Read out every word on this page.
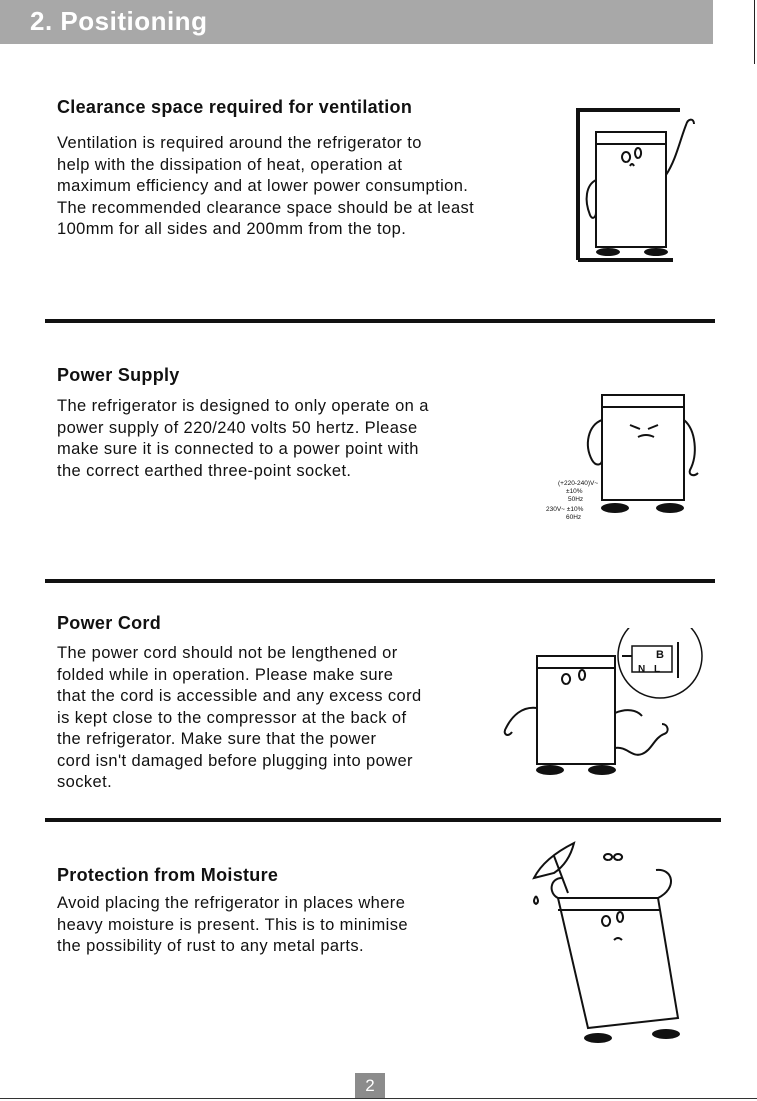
2. Positioning
Clearance space required for ventilation
Ventilation is required around the refrigerator to
help with the dissipation of heat, operation at
maximum efficiency and at lower power consumption.
The recommended clearance space should be at least
100mm for all sides and 200mm from the top.
Power Supply
The refrigerator is designed to only operate on a
power supply of 220/240 volts 50 hertz. Please
make sure it is connected to a power point with
the correct earthed three-point socket.
(+220-240)V~
±10%
50Hz
230V~ ±10%
60Hz
Power Cord
The power cord should not be lengthened or
folded while in operation. Please make sure
that the cord is accessible and any excess cord
is kept close to the compressor at the back of
the refrigerator. Make sure that the power
cord isn't damaged before plugging into power
socket.
B
N L
Protection from Moisture
Avoid placing the refrigerator in places where
heavy moisture is present. This is to minimise
the possibility of rust to any metal parts.
2
